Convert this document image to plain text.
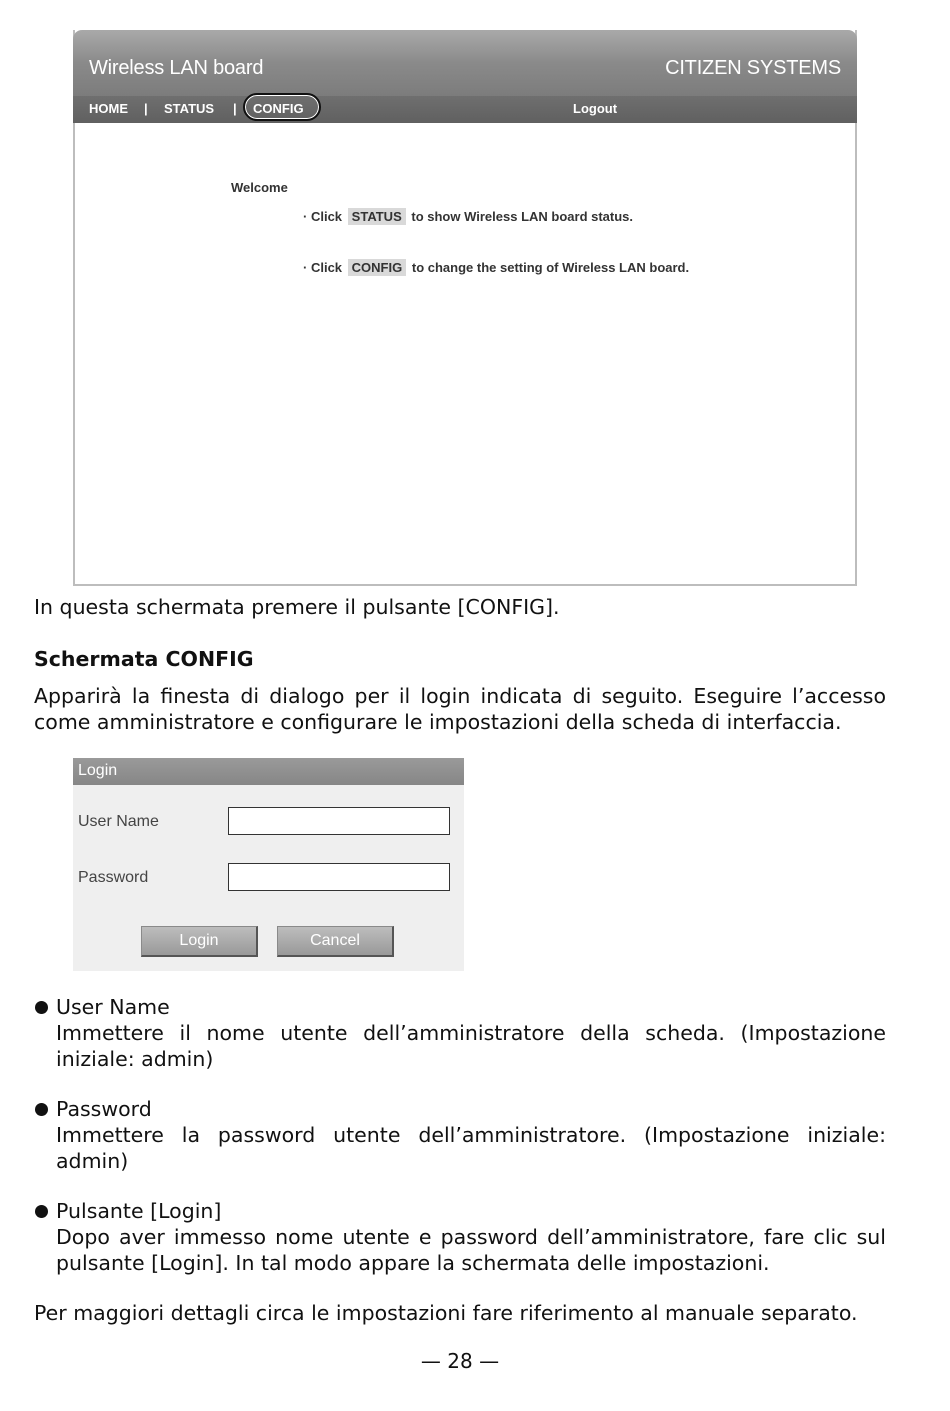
Wireless LAN board	CITIZEN SYSTEMS
HOME | STATUS | CONFIG	Logout
Welcome
· Click STATUS to show Wireless LAN board status.
· Click CONFIG to change the setting of Wireless LAN board.
In questa schermata premere il pulsante [CONFIG].
Schermata CONFIG
Apparirà la finesta di dialogo per il login indicata di seguito. Eseguire l’accesso come amministratore e configurare le impostazioni della scheda di interfaccia.
Login
User Name
Password
Login	Cancel
User Name
Immettere il nome utente dell’amministratore della scheda. (Impostazione iniziale: admin)
Password
Immettere la password utente dell’amministratore. (Impostazione iniziale: admin)
Pulsante [Login]
Dopo aver immesso nome utente e password dell’amministratore, fare clic sul pulsante [Login]. In tal modo appare la schermata delle impostazioni.
Per maggiori dettagli circa le impostazioni fare riferimento al manuale separato.
— 28 —
